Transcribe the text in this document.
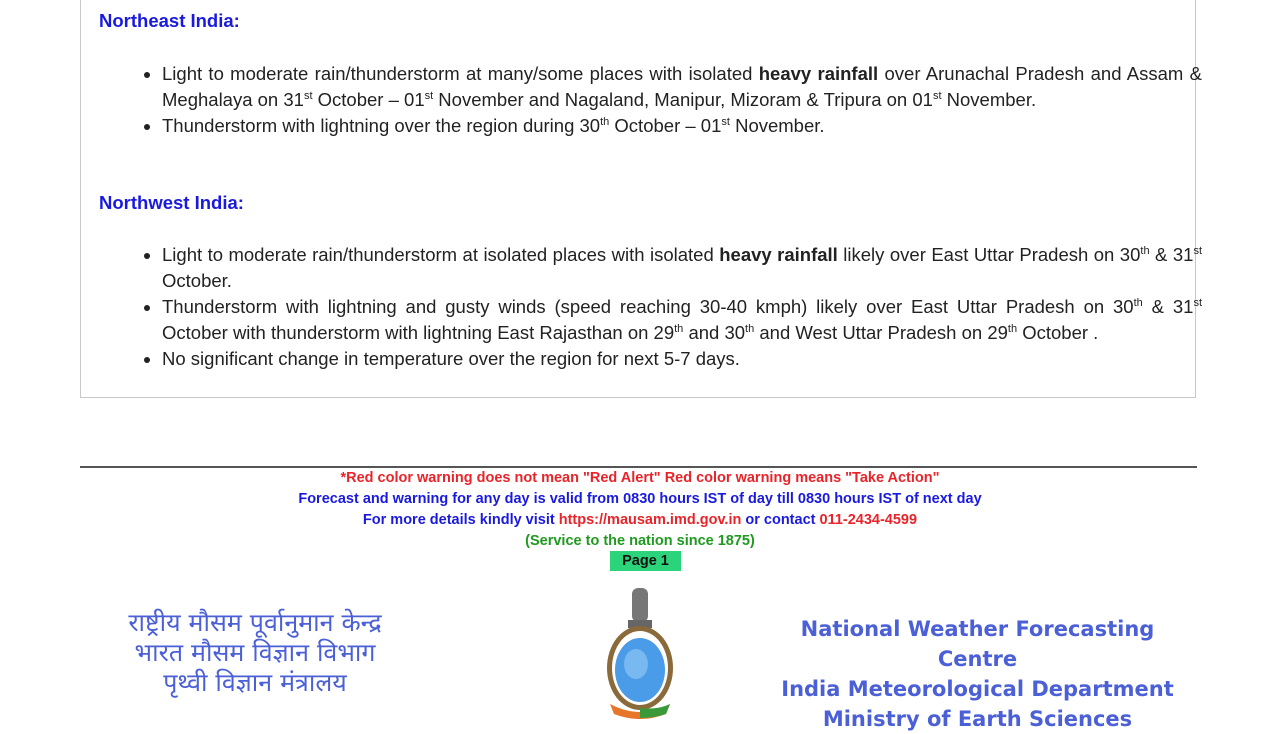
Northeast India:
• Light to moderate rain/thunderstorm at many/some places with isolated heavy rainfall over Arunachal Pradesh and Assam & Meghalaya on 31st October – 01st November and Nagaland, Manipur, Mizoram & Tripura on 01st November.
• Thunderstorm with lightning over the region during 30th October – 01st November.
Northwest India:
• Light to moderate rain/thunderstorm at isolated places with isolated heavy rainfall likely over East Uttar Pradesh on 30th & 31st October.
• Thunderstorm with lightning and gusty winds (speed reaching 30-40 kmph) likely over East Uttar Pradesh on 30th & 31st October with thunderstorm with lightning East Rajasthan on 29th and 30th and West Uttar Pradesh on 29th October .
• No significant change in temperature over the region for next 5-7 days.
*Red color warning does not mean "Red Alert" Red color warning means "Take Action"
Forecast and warning for any day is valid from 0830 hours IST of day till 0830 hours IST of next day
For more details kindly visit https://mausam.imd.gov.in or contact 011-2434-4599
(Service to the nation since 1875)
Page 1
राष्ट्रीय मौसम पूर्वानुमान केन्द्र
भारत मौसम विज्ञान विभाग
पृथ्वी विज्ञान मंत्रालय
National Weather Forecasting Centre
India Meteorological Department
Ministry of Earth Sciences
